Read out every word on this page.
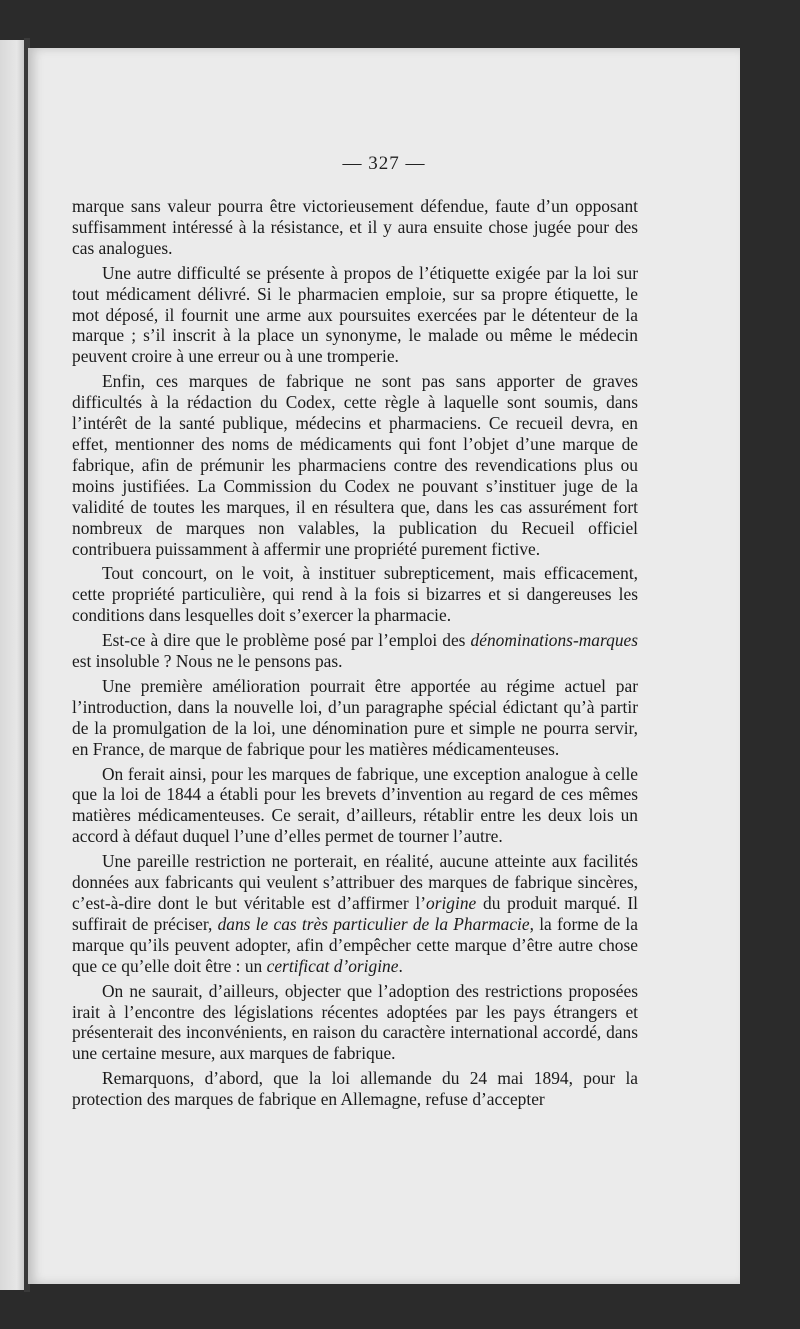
— 327 —

marque sans valeur pourra être victorieusement défendue, faute d’un opposant suffisamment intéressé à la résistance, et il y aura ensuite chose jugée pour des cas analogues.

Une autre difficulté se présente à propos de l’étiquette exigée par la loi sur tout médicament délivré. Si le pharmacien emploie, sur sa propre étiquette, le mot déposé, il fournit une arme aux poursuites exercées par le détenteur de la marque ; s’il inscrit à la place un synonyme, le malade ou même le médecin peuvent croire à une erreur ou à une tromperie.

Enfin, ces marques de fabrique ne sont pas sans apporter de graves difficultés à la rédaction du Codex, cette règle à laquelle sont soumis, dans l’intérêt de la santé publique, médecins et pharmaciens. Ce recueil devra, en effet, mentionner des noms de médicaments qui font l’objet d’une marque de fabrique, afin de prémunir les pharmaciens contre des revendications plus ou moins justifiées. La Commission du Codex ne pouvant s’instituer juge de la validité de toutes les marques, il en résultera que, dans les cas assurément fort nombreux de marques non valables, la publication du Recueil officiel contribuera puissamment à affermir une propriété purement fictive.

Tout concourt, on le voit, à instituer subrepticement, mais efficacement, cette propriété particulière, qui rend à la fois si bizarres et si dangereuses les conditions dans lesquelles doit s’exercer la pharmacie.

Est-ce à dire que le problème posé par l’emploi des dénominations-marques est insoluble ? Nous ne le pensons pas.

Une première amélioration pourrait être apportée au régime actuel par l’introduction, dans la nouvelle loi, d’un paragraphe spécial édictant qu’à partir de la promulgation de la loi, une dénomination pure et simple ne pourra servir, en France, de marque de fabrique pour les matières médicamenteuses.

On ferait ainsi, pour les marques de fabrique, une exception analogue à celle que la loi de 1844 a établi pour les brevets d’invention au regard de ces mêmes matières médicamenteuses. Ce serait, d’ailleurs, rétablir entre les deux lois un accord à défaut duquel l’une d’elles permet de tourner l’autre.

Une pareille restriction ne porterait, en réalité, aucune atteinte aux facilités données aux fabricants qui veulent s’attribuer des marques de fabrique sincères, c’est-à-dire dont le but véritable est d’affirmer l’origine du produit marqué. Il suffirait de préciser, dans le cas très particulier de la Pharmacie, la forme de la marque qu’ils peuvent adopter, afin d’empêcher cette marque d’être autre chose que ce qu’elle doit être : un certificat d’origine.

On ne saurait, d’ailleurs, objecter que l’adoption des restrictions proposées irait à l’encontre des législations récentes adoptées par les pays étrangers et présenterait des inconvénients, en raison du caractère international accordé, dans une certaine mesure, aux marques de fabrique.

Remarquons, d’abord, que la loi allemande du 24 mai 1894, pour la protection des marques de fabrique en Allemagne, refuse d’accepter
